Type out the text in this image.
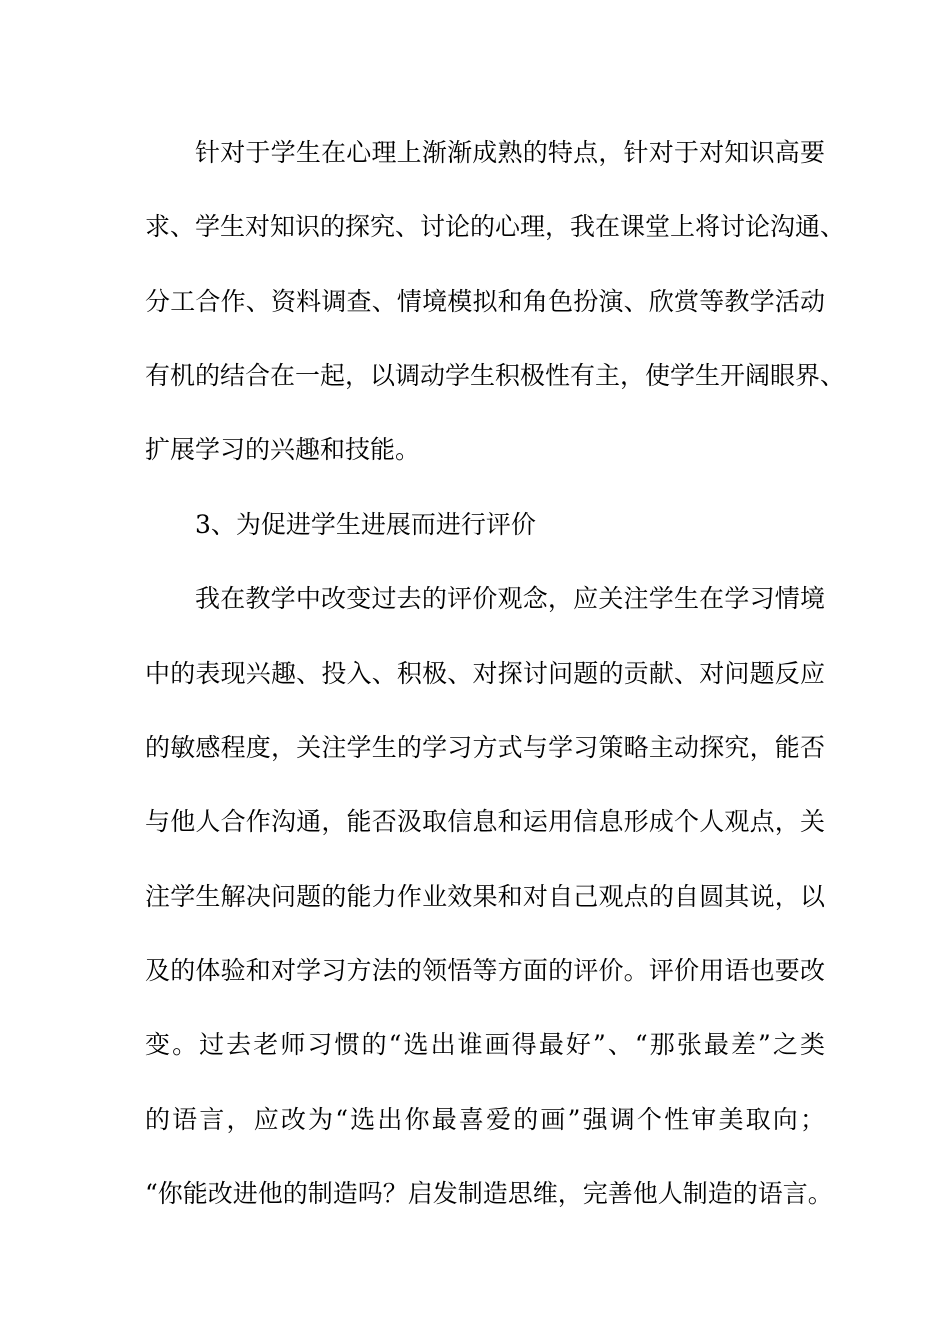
针对于学生在心理上渐渐成熟的特点，针对于对知识高要
求、学生对知识的探究、讨论的心理，我在课堂上将讨论沟通、
分工合作、资料调查、情境模拟和角色扮演、欣赏等教学活动
有机的结合在一起，以调动学生积极性有主，使学生开阔眼界、
扩展学习的兴趣和技能。
3、为促进学生进展而进行评价
我在教学中改变过去的评价观念，应关注学生在学习情境
中的表现兴趣、投入、积极、对探讨问题的贡献、对问题反应
的敏感程度，关注学生的学习方式与学习策略主动探究，能否
与他人合作沟通，能否汲取信息和运用信息形成个人观点，关
注学生解决问题的能力作业效果和对自己观点的自圆其说，以
及的体验和对学习方法的领悟等方面的评价。评价用语也要改
变。过去老师习惯的“选出谁画得最好”、“那张最差”之类
的语言，应改为“选出你最喜爱的画”强调个性审美取向；
“你能改进他的制造吗？启发制造思维，完善他人制造的语言。
